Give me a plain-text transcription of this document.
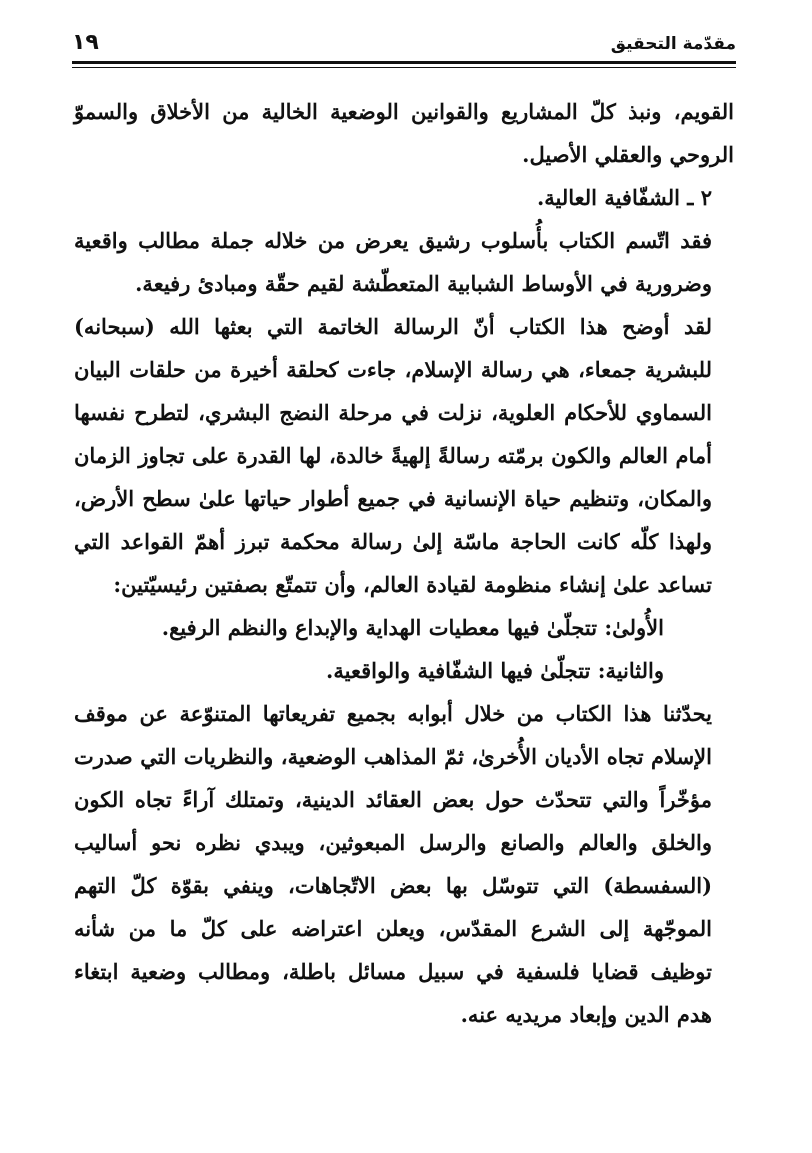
مقدّمة التحقيق
١٩

القويم، ونبذ كلّ المشاريع والقوانين الوضعية الخالية من الأخلاق والسموّ الروحي والعقلي الأصيل.

٢ ـ الشفّافية العالية.

فقد اتّسم الكتاب بأُسلوب رشيق يعرض من خلاله جملة مطالب واقعية وضرورية في الأوساط الشبابية المتعطّشة لقيم حقّة ومبادئ رفيعة.

لقد أوضح هذا الكتاب أنّ الرسالة الخاتمة التي بعثها الله (سبحانه) للبشرية جمعاء، هي رسالة الإسلام، جاءت كحلقة أخيرة من حلقات البيان السماوي للأحكام العلوية، نزلت في مرحلة النضج البشري، لتطرح نفسها أمام العالم والكون برمّته رسالةً إلهيةً خالدة، لها القدرة على تجاوز الزمان والمكان، وتنظيم حياة الإنسانية في جميع أطوار حياتها علىٰ سطح الأرض، ولهذا كلّه كانت الحاجة ماسّة إلىٰ رسالة محكمة تبرز أهمّ القواعد التي تساعد علىٰ إنشاء منظومة لقيادة العالم، وأن تتمتّع بصفتين رئيسيّتين:

الأُولىٰ: تتجلّىٰ فيها معطيات الهداية والإبداع والنظم الرفيع.

والثانية: تتجلّىٰ فيها الشفّافية والواقعية.

يحدّثنا هذا الكتاب من خلال أبوابه بجميع تفريعاتها المتنوّعة عن موقف الإسلام تجاه الأديان الأُخرىٰ، ثمّ المذاهب الوضعية، والنظريات التي صدرت مؤخّراً والتي تتحدّث حول بعض العقائد الدينية، وتمتلك آراءً تجاه الكون والخلق والعالم والصانع والرسل المبعوثين، ويبدي نظره نحو أساليب (السفسطة) التي تتوسّل بها بعض الاتّجاهات، وينفي بقوّة كلّ التهم الموجّهة إلى الشرع المقدّس، ويعلن اعتراضه على كلّ ما من شأنه توظيف قضايا فلسفية في سبيل مسائل باطلة، ومطالب وضعية ابتغاء هدم الدين وإبعاد مريديه عنه.
